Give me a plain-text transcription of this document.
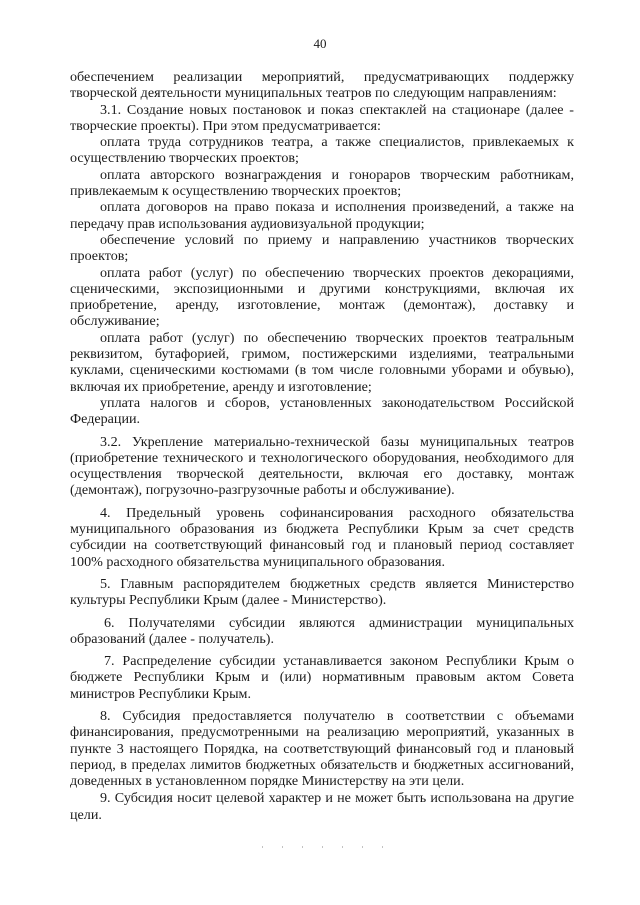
40

обеспечением реализации мероприятий, предусматривающих поддержку творческой деятельности муниципальных театров по следующим направлениям:

3.1. Создание новых постановок и показ спектаклей на стационаре (далее - творческие проекты). При этом предусматривается:

оплата труда сотрудников театра, а также специалистов, привлекаемых к осуществлению творческих проектов;

оплата авторского вознаграждения и гонораров творческим работникам, привлекаемым к осуществлению творческих проектов;

оплата договоров на право показа и исполнения произведений, а также на передачу прав использования аудиовизуальной продукции;

обеспечение условий по приему и направлению участников творческих проектов;

оплата работ (услуг) по обеспечению творческих проектов декорациями, сценическими, экспозиционными и другими конструкциями, включая их приобретение, аренду, изготовление, монтаж (демонтаж), доставку и обслуживание;

оплата работ (услуг) по обеспечению творческих проектов театральным реквизитом, бутафорией, гримом, постижерскими изделиями, театральными куклами, сценическими костюмами (в том числе головными уборами и обувью), включая их приобретение, аренду и изготовление;

уплата налогов и сборов, установленных законодательством Российской Федерации.

3.2. Укрепление материально-технической базы муниципальных театров (приобретение технического и технологического оборудования, необходимого для осуществления творческой деятельности, включая его доставку, монтаж (демонтаж), погрузочно-разгрузочные работы и обслуживание).

4. Предельный уровень софинансирования расходного обязательства муниципального образования из бюджета Республики Крым за счет средств субсидии на соответствующий финансовый год и плановый период составляет 100% расходного обязательства муниципального образования.

5. Главным распорядителем бюджетных средств является Министерство культуры Республики Крым (далее - Министерство).

6. Получателями субсидии являются администрации муниципальных образований (далее - получатель).

7. Распределение субсидии устанавливается законом Республики Крым о бюджете Республики Крым и (или) нормативным правовым актом Совета министров Республики Крым.

8. Субсидия предоставляется получателю в соответствии с объемами финансирования, предусмотренными на реализацию мероприятий, указанных в пункте 3 настоящего Порядка, на соответствующий финансовый год и плановый период, в пределах лимитов бюджетных обязательств и бюджетных ассигнований, доведенных в установленном порядке Министерству на эти цели.

9. Субсидия носит целевой характер и не может быть использована на другие цели.
